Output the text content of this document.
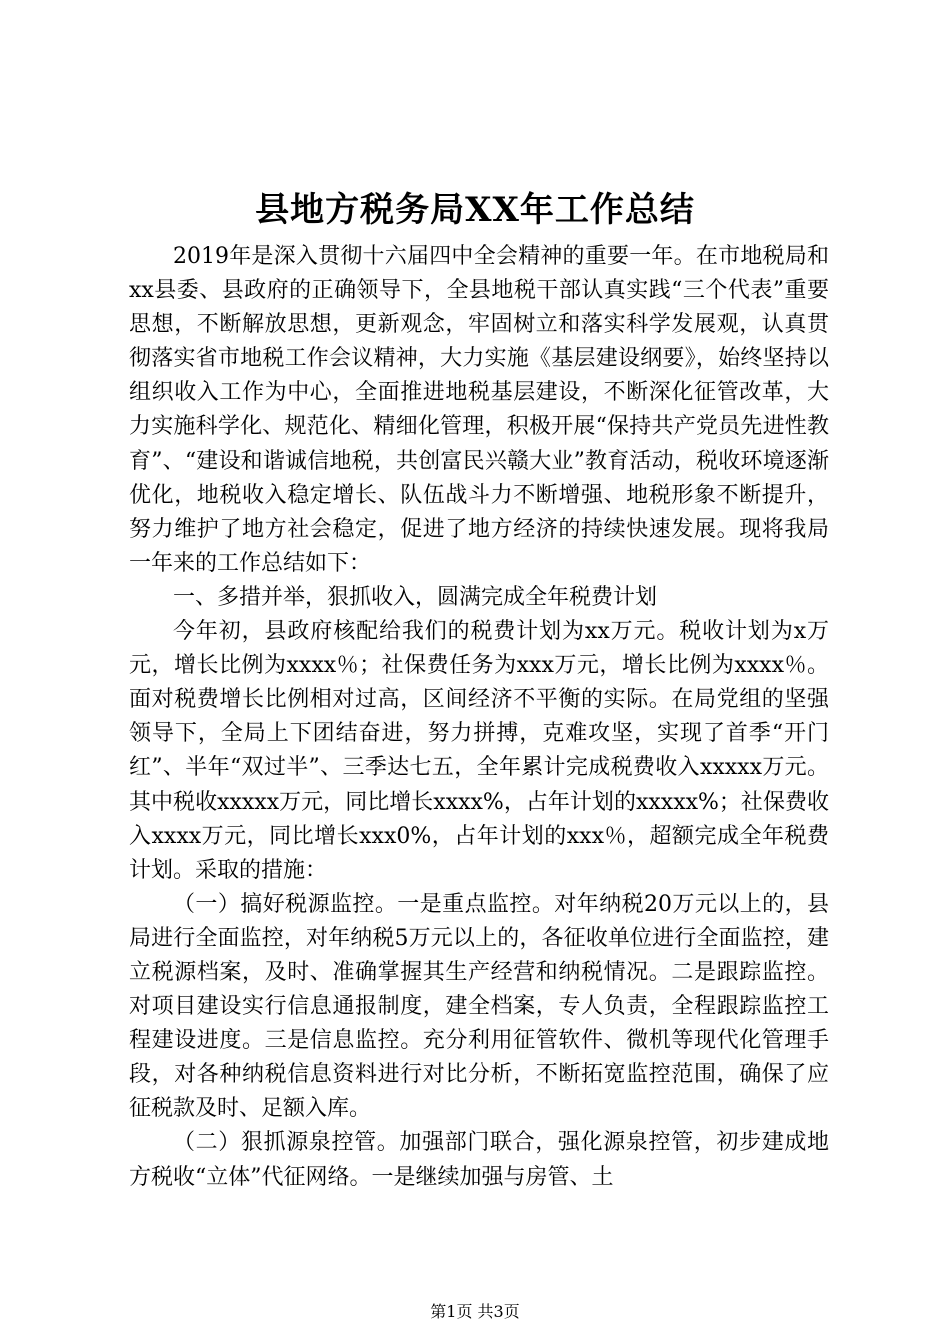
县地方税务局XX年工作总结

2019年是深入贯彻十六届四中全会精神的重要一年。在市地税局和xx县委、县政府的正确领导下，全县地税干部认真实践“三个代表”重要思想，不断解放思想，更新观念，牢固树立和落实科学发展观，认真贯彻落实省市地税工作会议精神，大力实施《基层建设纲要》，始终坚持以组织收入工作为中心，全面推进地税基层建设，不断深化征管改革，大力实施科学化、规范化、精细化管理，积极开展“保持共产党员先进性教育”、“建设和谐诚信地税，共创富民兴赣大业”教育活动，税收环境逐渐优化，地税收入稳定增长、队伍战斗力不断增强、地税形象不断提升，努力维护了地方社会稳定，促进了地方经济的持续快速发展。现将我局一年来的工作总结如下：

一、多措并举，狠抓收入，圆满完成全年税费计划

今年初，县政府核配给我们的税费计划为xx万元。税收计划为x万元，增长比例为xxxx％；社保费任务为xxx万元，增长比例为xxxx％。面对税费增长比例相对过高，区间经济不平衡的实际。在局党组的坚强领导下，全局上下团结奋进，努力拼搏，克难攻坚，实现了首季“开门红”、半年“双过半”、三季达七五，全年累计完成税费收入xxxxx万元。其中税收xxxxx万元，同比增长xxxx%，占年计划的xxxxx%；社保费收入xxxx万元，同比增长xxx0%，占年计划的xxx％，超额完成全年税费计划。采取的措施：

（一）搞好税源监控。一是重点监控。对年纳税20万元以上的，县局进行全面监控，对年纳税5万元以上的，各征收单位进行全面监控，建立税源档案，及时、准确掌握其生产经营和纳税情况。二是跟踪监控。对项目建设实行信息通报制度，建全档案，专人负责，全程跟踪监控工程建设进度。三是信息监控。充分利用征管软件、微机等现代化管理手段，对各种纳税信息资料进行对比分析，不断拓宽监控范围，确保了应征税款及时、足额入库。

（二）狠抓源泉控管。加强部门联合，强化源泉控管，初步建成地方税收“立体”代征网络。一是继续加强与房管、土

第1页 共3页
